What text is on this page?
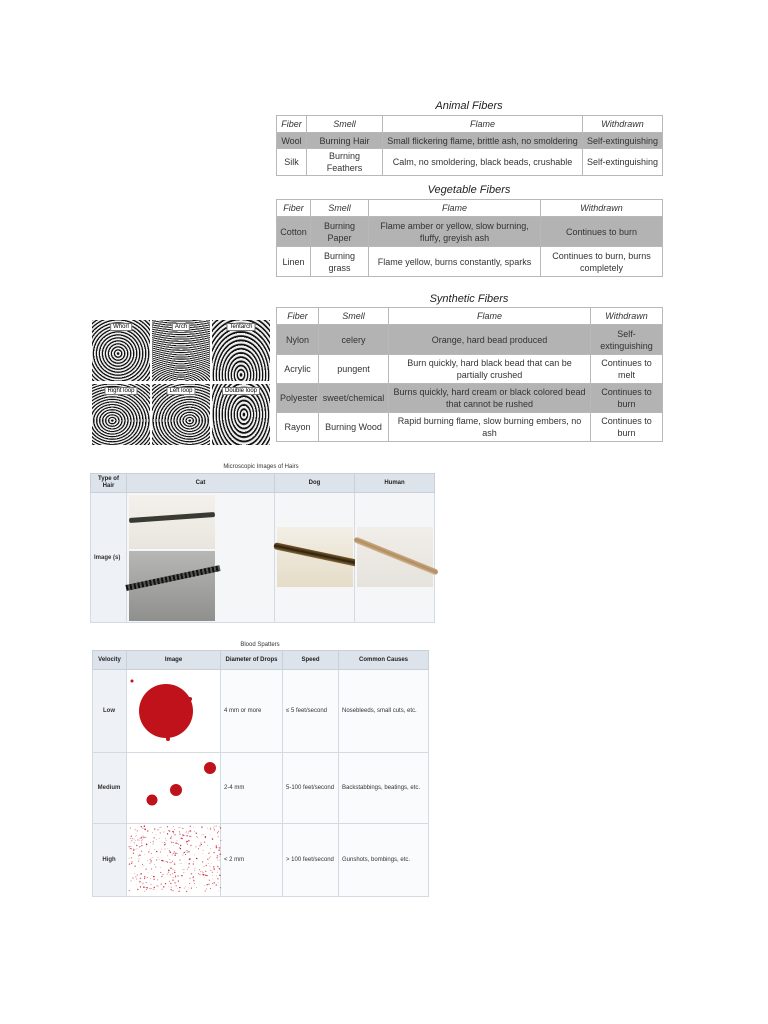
Animal Fibers
Fiber	Smell	Flame	Withdrawn
Wool	Burning Hair	Small flickering flame, brittle ash, no smoldering	Self-extinguishing
Silk	Burning Feathers	Calm, no smoldering, black beads, crushable	Self-extinguishing
Vegetable Fibers
Fiber	Smell	Flame	Withdrawn
Cotton	Burning Paper	Flame amber or yellow, slow burning, fluffy, greyish ash	Continues to burn
Linen	Burning grass	Flame yellow, burns constantly, sparks	Continues to burn, burns completely
Synthetic Fibers
Fiber	Smell	Flame	Withdrawn
Nylon	celery	Orange, hard bead produced	Self-extinguishing
Acrylic	pungent	Burn quickly, hard black bead that can be partially crushed	Continues to melt
Polyester	sweet/chemical	Burns quickly, hard cream or black colored bead that cannot be rushed	Continues to burn
Rayon	Burning Wood	Rapid burning flame, slow burning embers, no ash	Continues to burn
Whorl	Arch	Tentarch
Right loop	Left loop	Double loop
Microscopic Images of Hairs
Type of Hair	Cat	Dog	Human
Image (s)	

Blood Spatters
Velocity	Image	Diameter of Drops	Speed	Common Causes
Low		4 mm or more	≤ 5 feet/second	Nosebleeds, small cuts, etc.
Medium		2-4 mm	5-100 feet/second	Backstabbings, beatings, etc.
High		< 2 mm	> 100 feet/second	Gunshots, bombings, etc.
